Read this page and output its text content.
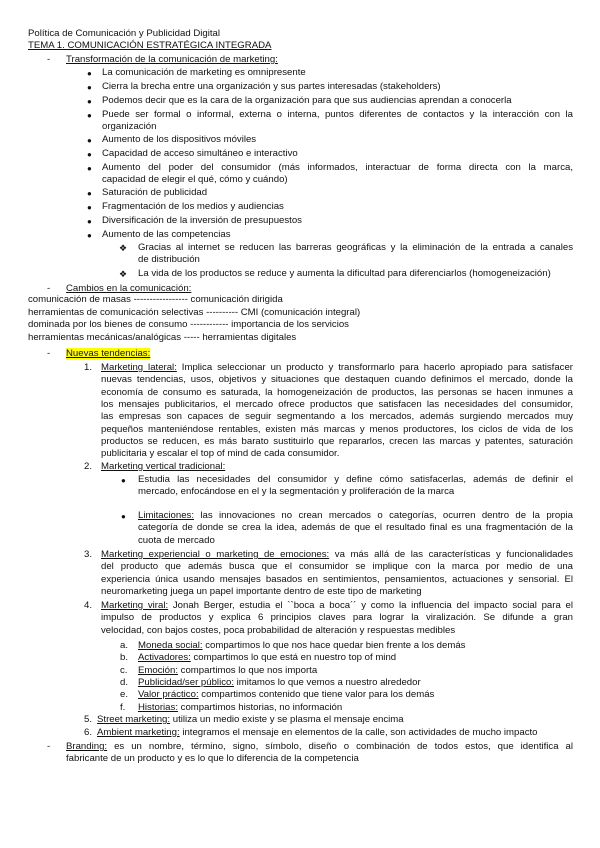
Política de Comunicación y Publicidad Digital
TEMA 1. COMUNICACIÓN ESTRATÉGICA INTEGRADA
- Transformación de la comunicación de marketing:
● La comunicación de marketing es omnipresente
● Cierra la brecha entre una organización y sus partes interesadas (stakeholders)
● Podemos decir que es la cara de la organización para que sus audiencias aprendan a conocerla
● Puede ser formal o informal, externa o interna, puntos diferentes de contactos y la interacción con la
organización
● Aumento de los dispositivos móviles
● Capacidad de acceso simultáneo e interactivo
● Aumento del poder del consumidor (más informados, interactuar de forma directa con la marca,
capacidad de elegir el qué, cómo y cuándo)
● Saturación de publicidad
● Fragmentación de los medios y audiencias
● Diversificación de la inversión de presupuestos
● Aumento de las competencias
❖ Gracias al internet se reducen las barreras geográficas y la eliminación de la entrada a canales
de distribución
❖ La vida de los productos se reduce y aumenta la dificultad para diferenciarlos (homogeneización)
- Cambios en la comunicación:
comunicación de masas ----------------- comunicación dirigida
herramientas de comunicación selectivas ---------- CMI (comunicación integral)
dominada por los bienes de consumo ------------ importancia de los servicios
herramientas mecánicas/analógicas ----- herramientas digitales
- Nuevas tendencias:
1. Marketing lateral: Implica seleccionar un producto y transformarlo para hacerlo apropiado para satisfacer
nuevas tendencias, usos, objetivos y situaciones que destaquen cuando definimos el mercado, donde la
economía de consumo es saturada, la homogeneización de productos, las personas se hacen inmunes a
los mensajes publicitarios, el mercado ofrece productos que satisfacen las necesidades del consumidor,
las empresas son capaces de seguir segmentando a los mercados, además surgiendo mercados muy
pequeños manteniéndose rentables, existen más marcas y menos productores, los ciclos de vida de los
productos se reducen, es más barato sustituirlo que repararlos, crecen las marcas y patentes, saturación
publicitaria y escalar el top of mind de cada consumidor.
2. Marketing vertical tradicional:
● Estudia las necesidades del consumidor y define cómo satisfacerlas, además de definir el
mercado, enfocándose en el y la segmentación y proliferación de la marca
● Limitaciones: las innovaciones no crean mercados o categorías, ocurren dentro de la propia
categoría de donde se crea la idea, además de que el resultado final es una fragmentación de la
cuota de mercado
3. Marketing experiencial o marketing de emociones: va más allá de las características y funcionalidades
del producto que además busca que el consumidor se implique con la marca por medio de una
experiencia única usando mensajes basados en sentimientos, pensamientos, actuaciones y sensorial. El
neuromarketing juega un papel importante dentro de este tipo de marketing
4. Marketing viral: Jonah Berger, estudia el ``boca a boca´´ y como la influencia del impacto social para el
impulso de productos y explica 6 principios claves para lograr la viralización. Se difunde a gran
velocidad, con bajos costes, poca probabilidad de alteración y respuestas medibles
a. Moneda social: compartimos lo que nos hace quedar bien frente a los demás
b. Activadores: compartimos lo que está en nuestro top of mind
c. Emoción: compartimos lo que nos importa
d. Publicidad/ser público: imitamos lo que vemos a nuestro alrededor
e. Valor práctico: compartimos contenido que tiene valor para los demás
f. Historias: compartimos historias, no información
5. Street marketing: utiliza un medio existe y se plasma el mensaje encima
6. Ambient marketing: integramos el mensaje en elementos de la calle, son actividades de mucho impacto
- Branding: es un nombre, término, signo, símbolo, diseño o combinación de todos estos, que identifica al
fabricante de un producto y es lo que lo diferencia de la competencia
